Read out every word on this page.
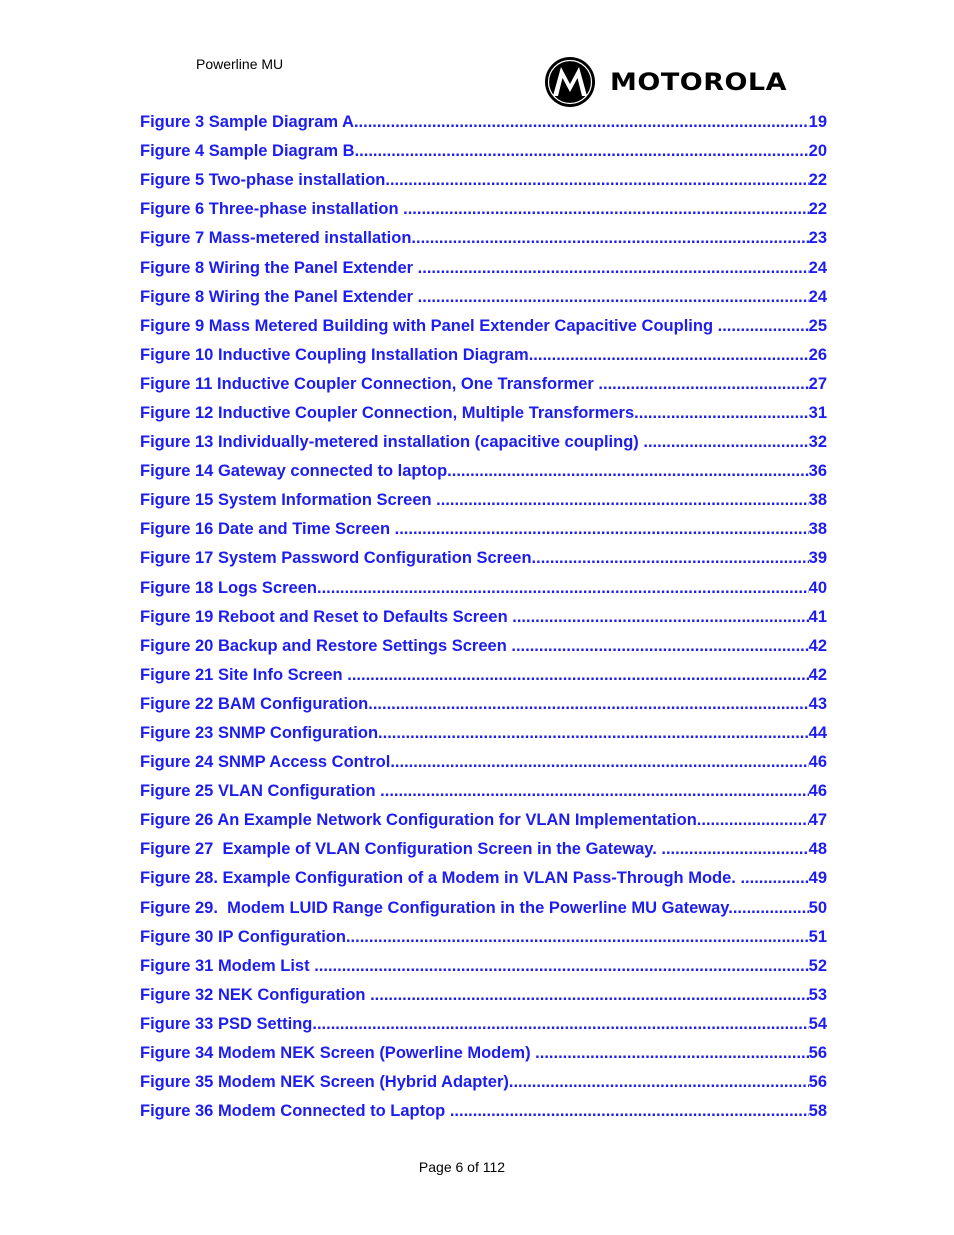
Powerline MU
MOTOROLA
Figure 3 Sample Diagram A .....	19
Figure 4 Sample Diagram B .....	20
Figure 5 Two-phase installation .....	22
Figure 6 Three-phase installation .....	22
Figure 7 Mass-metered installation .....	23
Figure 8 Wiring the Panel Extender .....	24
Figure 8 Wiring the Panel Extender .....	24
Figure 9 Mass Metered Building with Panel Extender Capacitive Coupling .....	25
Figure 10 Inductive Coupling Installation Diagram .....	26
Figure 11 Inductive Coupler Connection, One Transformer .....	27
Figure 12 Inductive Coupler Connection, Multiple Transformers .....	31
Figure 13 Individually-metered installation (capacitive coupling) .....	32
Figure 14 Gateway connected to laptop .....	36
Figure 15 System Information Screen .....	38
Figure 16 Date and Time Screen .....	38
Figure 17 System Password Configuration Screen .....	39
Figure 18 Logs Screen .....	40
Figure 19 Reboot and Reset to Defaults Screen .....	41
Figure 20 Backup and Restore Settings Screen .....	42
Figure 21 Site Info Screen .....	42
Figure 22 BAM Configuration .....	43
Figure 23 SNMP Configuration .....	44
Figure 24 SNMP Access Control .....	46
Figure 25 VLAN Configuration .....	46
Figure 26 An Example Network Configuration for VLAN Implementation. .....	47
Figure 27  Example of VLAN Configuration Screen in the Gateway. .....	48
Figure 28. Example Configuration of a Modem in VLAN Pass-Through Mode. .....	49
Figure 29.  Modem LUID Range Configuration in the Powerline MU Gateway. .....	50
Figure 30 IP Configuration .....	51
Figure 31 Modem List .....	52
Figure 32 NEK Configuration .....	53
Figure 33 PSD Setting .....	54
Figure 34 Modem NEK Screen (Powerline Modem) .....	56
Figure 35 Modem NEK Screen (Hybrid Adapter) .....	56
Figure 36 Modem Connected to Laptop .....	58
Page 6 of 112
